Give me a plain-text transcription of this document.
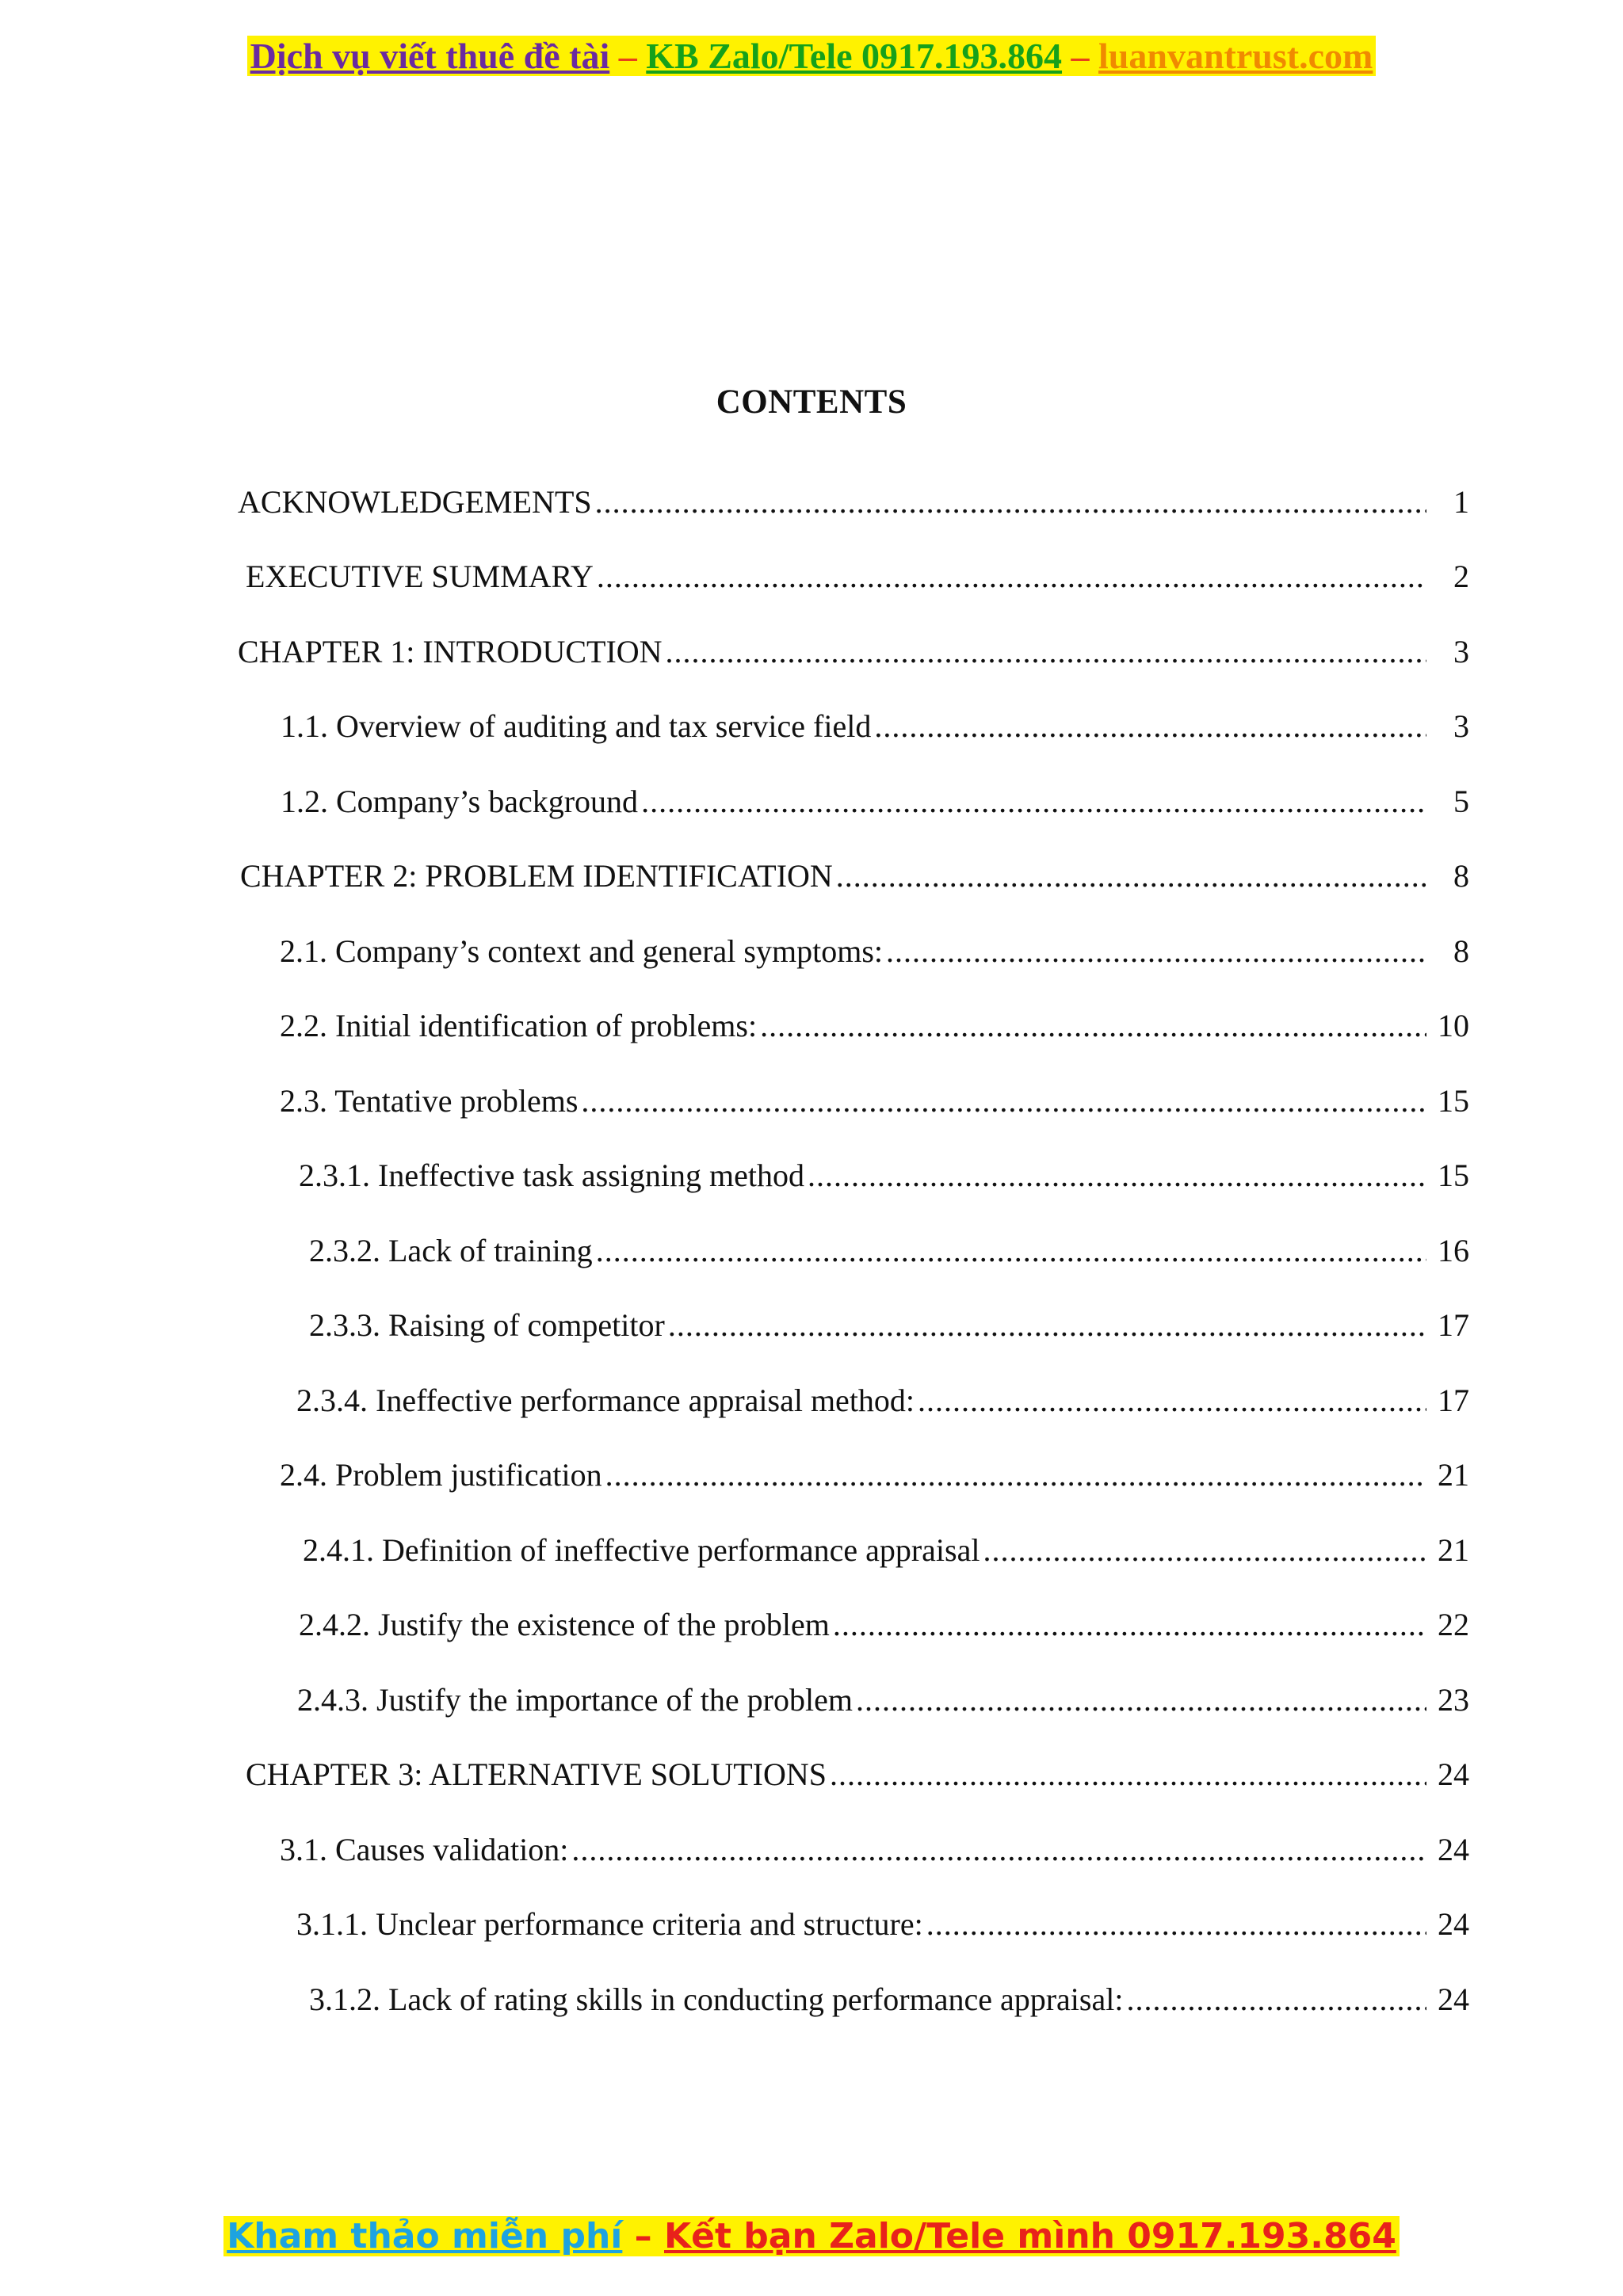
Dịch vụ viết thuê đề tài – KB Zalo/Tele 0917.193.864 – luanvantrust.com
CONTENTS
ACKNOWLEDGEMENTS .....	1
EXECUTIVE SUMMARY .....	2
CHAPTER 1: INTRODUCTION .....	3
1.1. Overview of auditing and tax service field .....	3
1.2. Company’s background .....	5
CHAPTER 2: PROBLEM IDENTIFICATION .....	8
2.1. Company’s context and general symptoms: .....	8
2.2. Initial identification of problems: .....	10
2.3. Tentative problems .....	15
2.3.1. Ineffective task assigning method .....	15
2.3.2. Lack of training .....	16
2.3.3. Raising of competitor .....	17
2.3.4. Ineffective performance appraisal method: .....	17
2.4. Problem justification .....	21
2.4.1. Definition of ineffective performance appraisal .....	21
2.4.2. Justify the existence of the problem .....	22
2.4.3. Justify the importance of the problem .....	23
CHAPTER 3: ALTERNATIVE SOLUTIONS .....	24
3.1. Causes validation: .....	24
3.1.1. Unclear performance criteria and structure: .....	24
3.1.2. Lack of rating skills in conducting performance appraisal: .....	24
Kham thảo miễn phí – Kết bạn Zalo/Tele mình 0917.193.864
